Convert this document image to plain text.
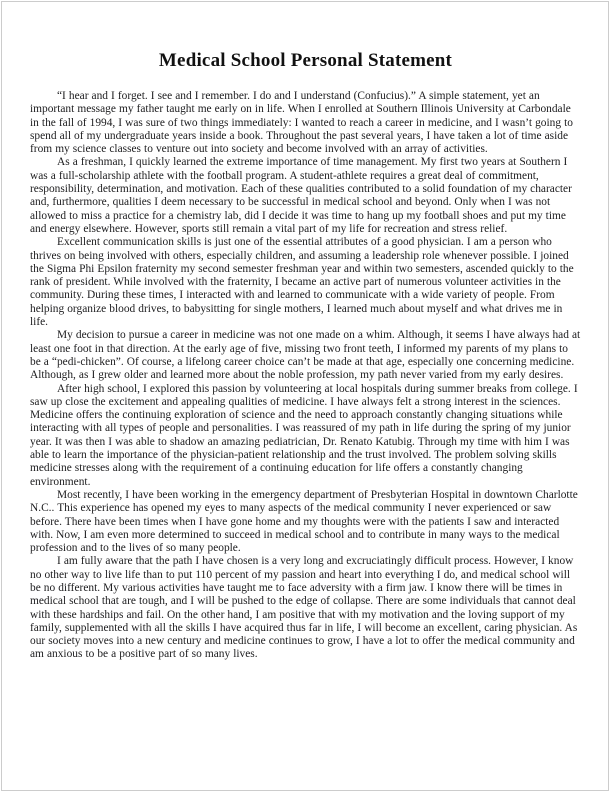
Medical School Personal Statement

“I hear and I forget. I see and I remember. I do and I understand (Confucius).” A simple statement, yet an important message my father taught me early on in life. When I enrolled at Southern Illinois University at Carbondale in the fall of 1994, I was sure of two things immediately: I wanted to reach a career in medicine, and I wasn’t going to spend all of my undergraduate years inside a book. Throughout the past several years, I have taken a lot of time aside from my science classes to venture out into society and become involved with an array of activities.

As a freshman, I quickly learned the extreme importance of time management. My first two years at Southern I was a full-scholarship athlete with the football program. A student-athlete requires a great deal of commitment, responsibility, determination, and motivation. Each of these qualities contributed to a solid foundation of my character and, furthermore, qualities I deem necessary to be successful in medical school and beyond. Only when I was not allowed to miss a practice for a chemistry lab, did I decide it was time to hang up my football shoes and put my time and energy elsewhere. However, sports still remain a vital part of my life for recreation and stress relief.

Excellent communication skills is just one of the essential attributes of a good physician. I am a person who thrives on being involved with others, especially children, and assuming a leadership role whenever possible. I joined the Sigma Phi Epsilon fraternity my second semester freshman year and within two semesters, ascended quickly to the rank of president. While involved with the fraternity, I became an active part of numerous volunteer activities in the community. During these times, I interacted with and learned to communicate with a wide variety of people. From helping organize blood drives, to babysitting for single mothers, I learned much about myself and what drives me in life.

My decision to pursue a career in medicine was not one made on a whim. Although, it seems I have always had at least one foot in that direction. At the early age of five, missing two front teeth, I informed my parents of my plans to be a “pedi-chicken”. Of course, a lifelong career choice can’t be made at that age, especially one concerning medicine. Although, as I grew older and learned more about the noble profession, my path never varied from my early desires.

After high school, I explored this passion by volunteering at local hospitals during summer breaks from college. I saw up close the excitement and appealing qualities of medicine. I have always felt a strong interest in the sciences. Medicine offers the continuing exploration of science and the need to approach constantly changing situations while interacting with all types of people and personalities. I was reassured of my path in life during the spring of my junior year. It was then I was able to shadow an amazing pediatrician, Dr. Renato Katubig. Through my time with him I was able to learn the importance of the physician-patient relationship and the trust involved. The problem solving skills medicine stresses along with the requirement of a continuing education for life offers a constantly changing environment.

Most recently, I have been working in the emergency department of Presbyterian Hospital in downtown Charlotte N.C.. This experience has opened my eyes to many aspects of the medical community I never experienced or saw before. There have been times when I have gone home and my thoughts were with the patients I saw and interacted with. Now, I am even more determined to succeed in medical school and to contribute in many ways to the medical profession and to the lives of so many people.

I am fully aware that the path I have chosen is a very long and excruciatingly difficult process. However, I know no other way to live life than to put 110 percent of my passion and heart into everything I do, and medical school will be no different. My various activities have taught me to face adversity with a firm jaw. I know there will be times in medical school that are tough, and I will be pushed to the edge of collapse. There are some individuals that cannot deal with these hardships and fail. On the other hand, I am positive that with my motivation and the loving support of my family, supplemented with all the skills I have acquired thus far in life, I will become an excellent, caring physician. As our society moves into a new century and medicine continues to grow, I have a lot to offer the medical community and am anxious to be a positive part of so many lives.
